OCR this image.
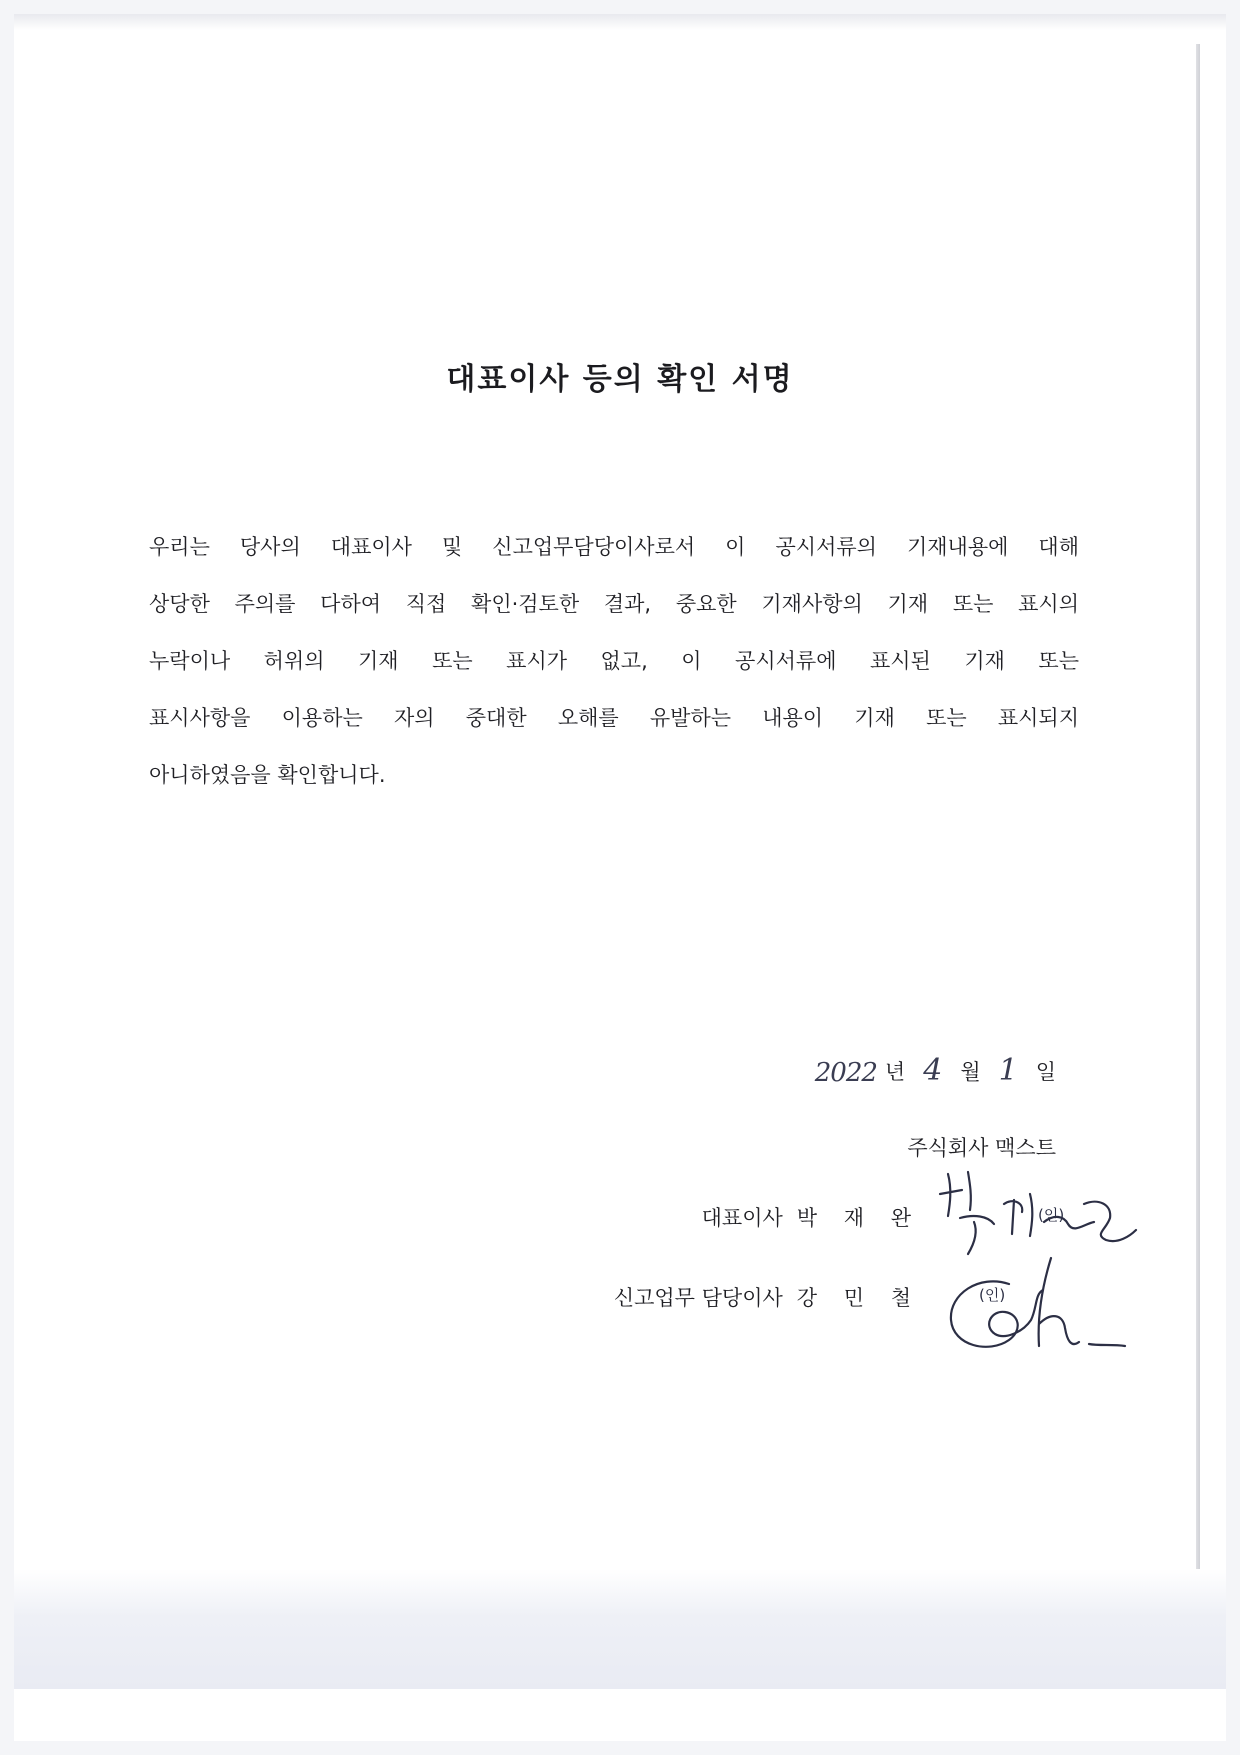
대표이사 등의 확인 서명
우리는 당사의 대표이사 및 신고업무담당이사로서 이 공시서류의 기재내용에 대해
상당한 주의를 다하여 직접 확인·검토한 결과, 중요한 기재사항의 기재 또는 표시의
누락이나 허위의 기재 또는 표시가 없고, 이 공시서류에 표시된 기재 또는
표시사항을 이용하는 자의 중대한 오해를 유발하는 내용이 기재 또는 표시되지
아니하였음을 확인합니다.
2022 년 4 월 1 일
주식회사 맥스트
대표이사 박 재 완
신고업무 담당이사 강 민 철
(인)
(인)
